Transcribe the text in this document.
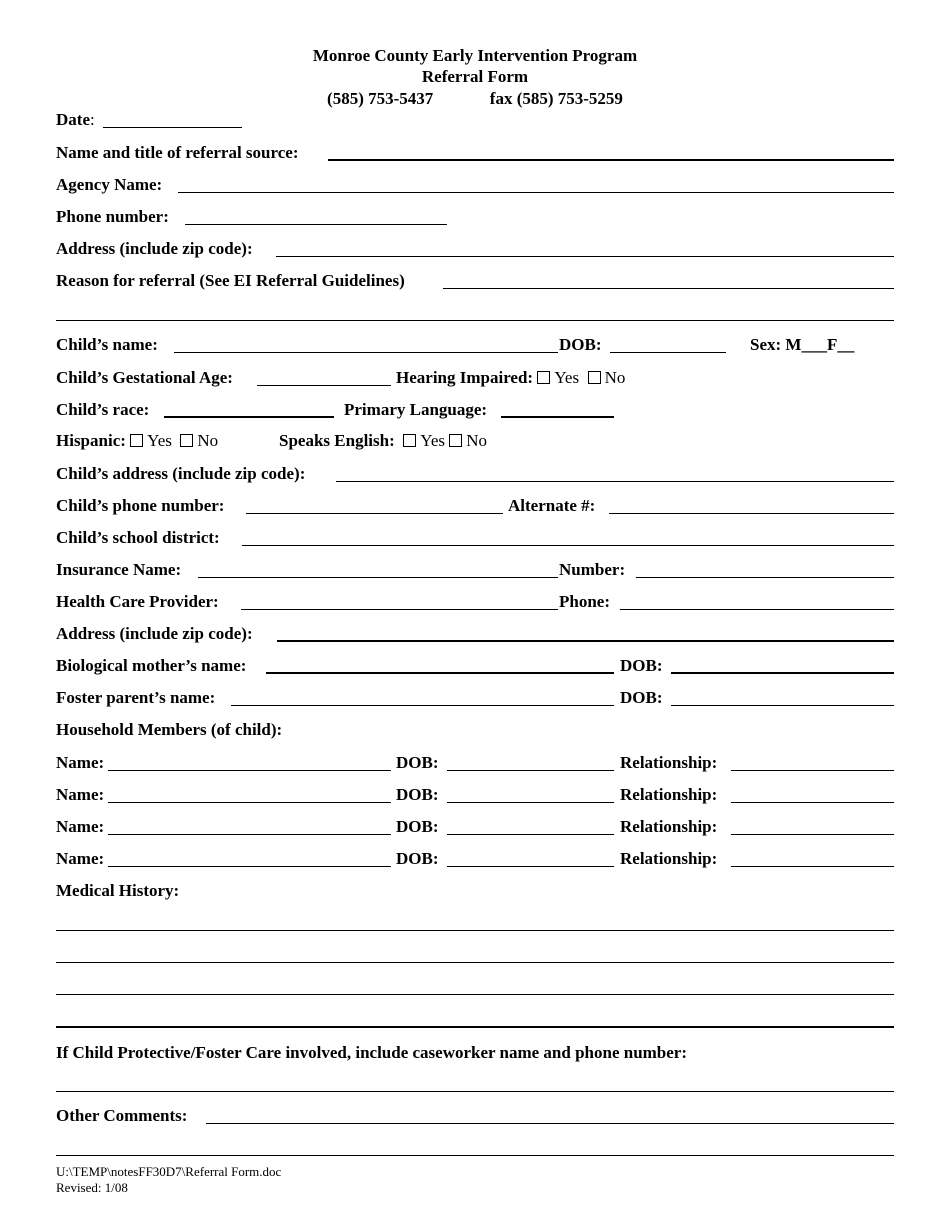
Monroe County Early Intervention Program
Referral Form
(585) 753-5437	fax (585) 753-5259
Date:
Name and title of referral source:
Agency Name:
Phone number:
Address (include zip code):
Reason for referral (See EI Referral Guidelines)
Child’s name:	DOB:	Sex: M___F__
Child’s Gestational Age:	Hearing Impaired: Yes No
Child’s race:	Primary Language:
Hispanic: Yes No	Speaks English: Yes No
Child’s address (include zip code):
Child’s phone number:	Alternate #:
Child’s school district:
Insurance Name:	Number:
Health Care Provider:	Phone:
Address (include zip code):
Biological mother’s name:	DOB:
Foster parent’s name:	DOB:
Household Members (of child):
Name:	DOB:	Relationship:
Name:	DOB:	Relationship:
Name:	DOB:	Relationship:
Name:	DOB:	Relationship:
Medical History:
If Child Protective/Foster Care involved, include caseworker name and phone number:
Other Comments:
U:\TEMP\notesFF30D7\Referral Form.doc
Revised: 1/08
